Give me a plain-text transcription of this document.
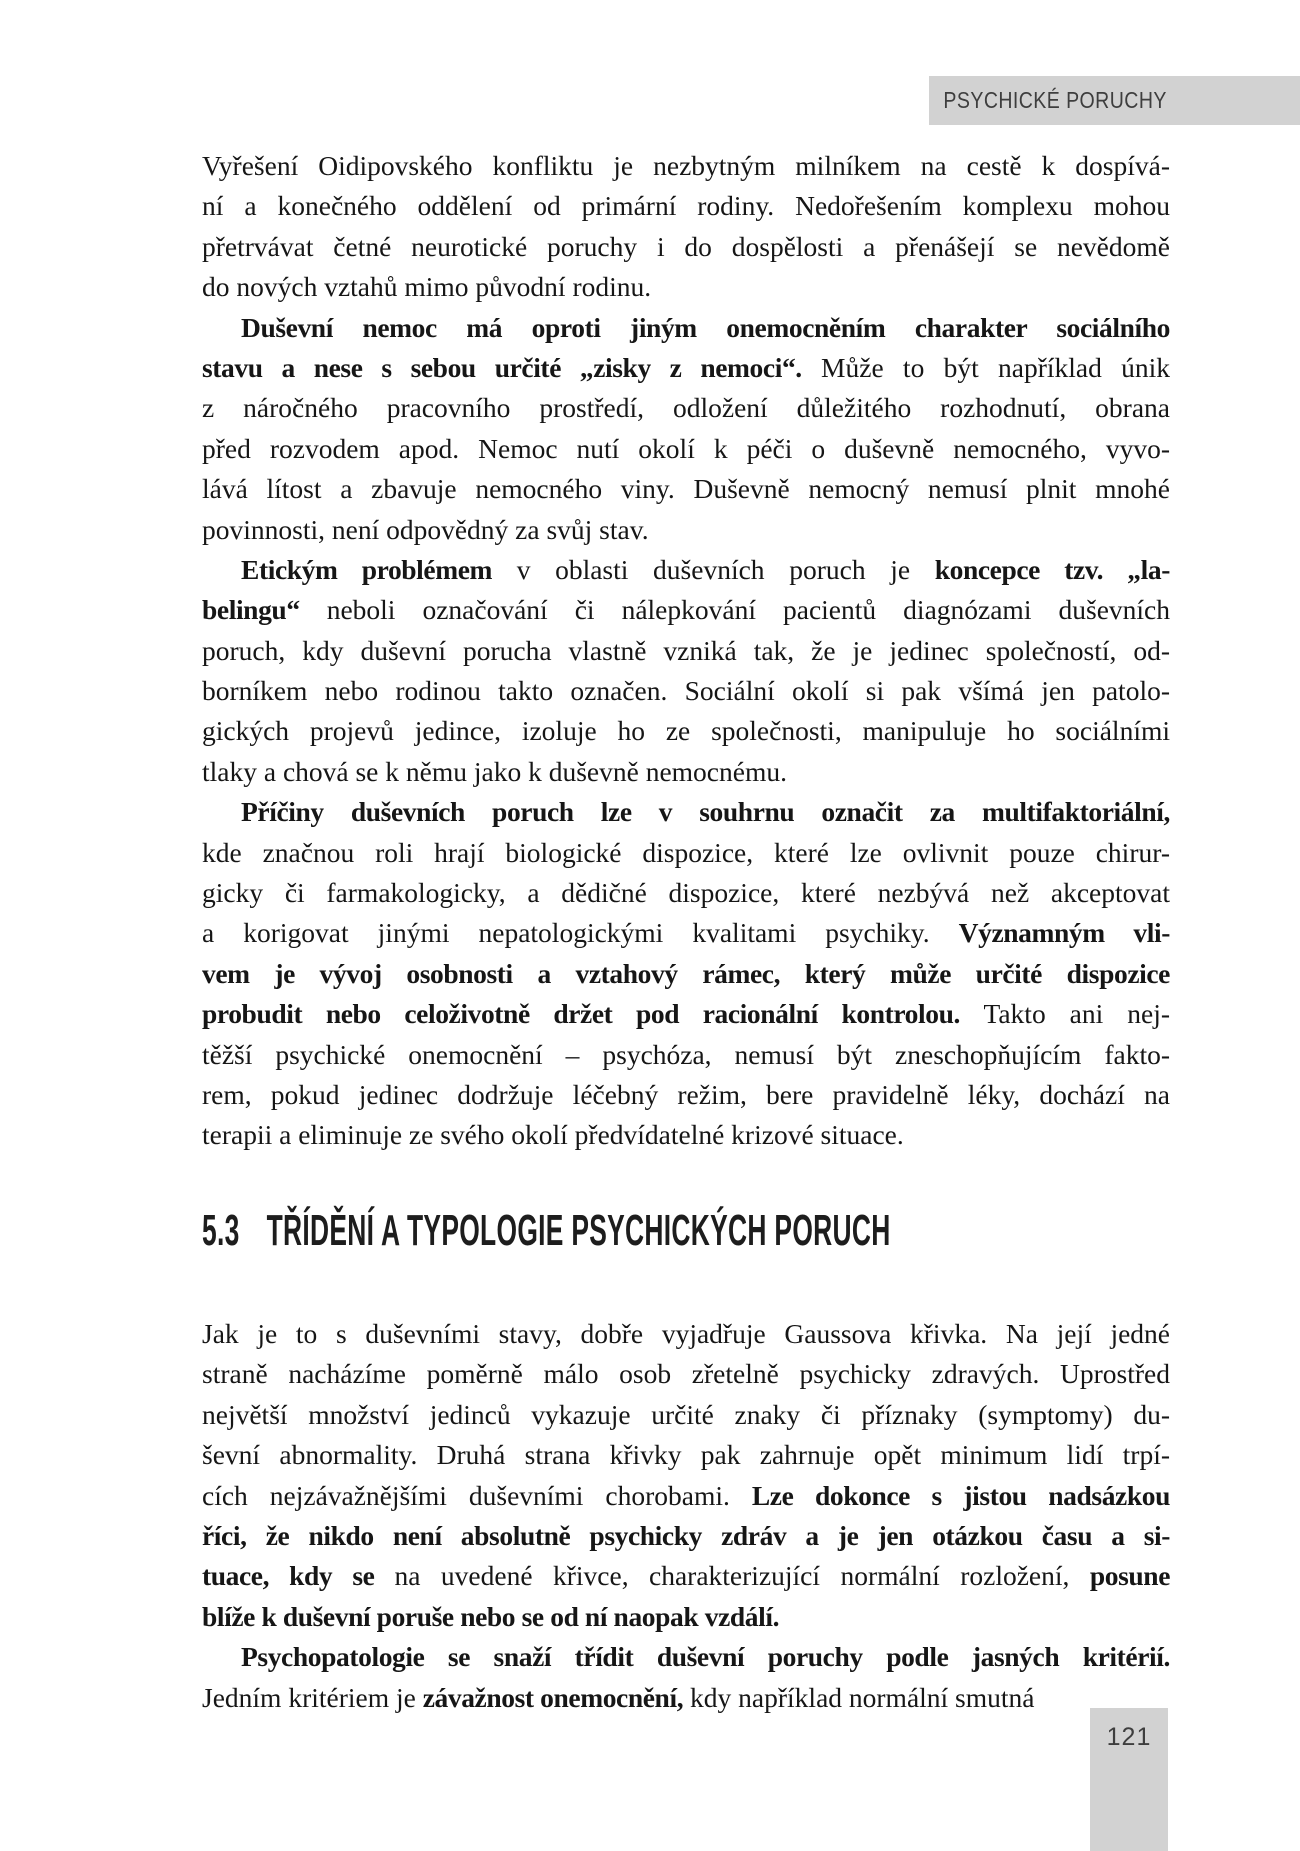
PSYCHICKÉ PORUCHY
Vyřešení Oidipovského konfliktu je nezbytným milníkem na cestě k dospívá-
ní a konečného oddělení od primární rodiny. Nedořešením komplexu mohou
přetrvávat četné neurotické poruchy i do dospělosti a přenášejí se nevědomě
do nových vztahů mimo původní rodinu.
Duševní nemoc má oproti jiným onemocněním charakter sociálního
stavu a nese s sebou určité „zisky z nemoci“. Může to být například únik
z náročného pracovního prostředí, odložení důležitého rozhodnutí, obrana
před rozvodem apod. Nemoc nutí okolí k péči o duševně nemocného, vyvo-
lává lítost a zbavuje nemocného viny. Duševně nemocný nemusí plnit mnohé
povinnosti, není odpovědný za svůj stav.
Etickým problémem v oblasti duševních poruch je koncepce tzv. „la-
belingu“ neboli označování či nálepkování pacientů diagnózami duševních
poruch, kdy duševní porucha vlastně vzniká tak, že je jedinec společností, od-
borníkem nebo rodinou takto označen. Sociální okolí si pak všímá jen patolo-
gických projevů jedince, izoluje ho ze společnosti, manipuluje ho sociálními
tlaky a chová se k němu jako k duševně nemocnému.
Příčiny duševních poruch lze v souhrnu označit za multifaktoriální,
kde značnou roli hrají biologické dispozice, které lze ovlivnit pouze chirur-
gicky či farmakologicky, a dědičné dispozice, které nezbývá než akceptovat
a korigovat jinými nepatologickými kvalitami psychiky. Významným vli-
vem je vývoj osobnosti a vztahový rámec, který může určité dispozice
probudit nebo celoživotně držet pod racionální kontrolou. Takto ani nej-
těžší psychické onemocnění – psychóza, nemusí být zneschopňujícím fakto-
rem, pokud jedinec dodržuje léčebný režim, bere pravidelně léky, dochází na
terapii a eliminuje ze svého okolí předvídatelné krizové situace.
5.3 TŘÍDĚNÍ A TYPOLOGIE PSYCHICKÝCH PORUCH
Jak je to s duševními stavy, dobře vyjadřuje Gaussova křivka. Na její jedné
straně nacházíme poměrně málo osob zřetelně psychicky zdravých. Uprostřed
největší množství jedinců vykazuje určité znaky či příznaky (symptomy) du-
ševní abnormality. Druhá strana křivky pak zahrnuje opět minimum lidí trpí-
cích nejzávažnějšími duševními chorobami. Lze dokonce s jistou nadsázkou
říci, že nikdo není absolutně psychicky zdráv a je jen otázkou času a si-
tuace, kdy se na uvedené křivce, charakterizující normální rozložení, posune
blíže k duševní poruše nebo se od ní naopak vzdálí.
Psychopatologie se snaží třídit duševní poruchy podle jasných kritérií.
Jedním kritériem je závažnost onemocnění, kdy například normální smutná
121
